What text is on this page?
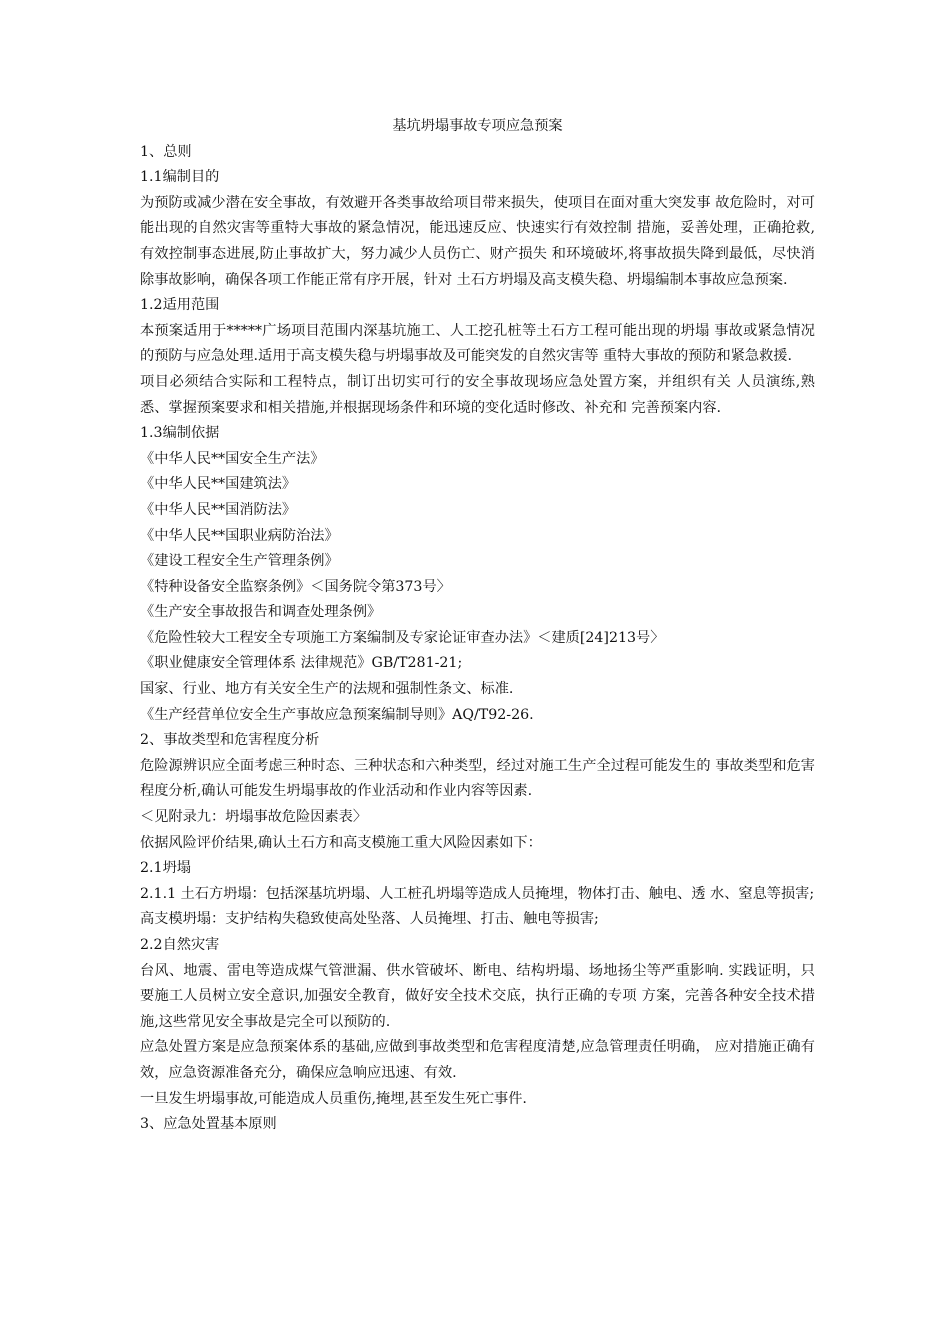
基坑坍塌事故专项应急预案

1、总则

1.1编制目的

为预防或减少潜在安全事故，有效避开各类事故给项目带来损失，使项目在面对重大突发事 故危险时，对可能出现的自然灾害等重特大事故的紧急情况，能迅速反应、快速实行有效控制 措施，妥善处理，正确抢救,有效控制事态进展,防止事故扩大，努力减少人员伤亡、财产损失 和环境破坏,将事故损失降到最低，尽快消除事故影响，确保各项工作能正常有序开展，针对 土石方坍塌及高支模失稳、坍塌编制本事故应急预案.

1.2适用范围

本预案适用于*****广场项目范围内深基坑施工、人工挖孔桩等土石方工程可能出现的坍塌 事故或紧急情况的预防与应急处理.适用于高支模失稳与坍塌事故及可能突发的自然灾害等 重特大事故的预防和紧急救援.

项目必须结合实际和工程特点，制订出切实可行的安全事故现场应急处置方案，并组织有关 人员演练,熟悉、掌握预案要求和相关措施,并根据现场条件和环境的变化适时修改、补充和 完善预案内容.

1.3编制依据

《中华人民**国安全生产法》

《中华人民**国建筑法》

《中华人民**国消防法》

《中华人民**国职业病防治法》

《建设工程安全生产管理条例》

《特种设备安全监察条例》＜国务院令第373号〉

《生产安全事故报告和调查处理条例》

《危险性较大工程安全专项施工方案编制及专家论证审查办法》＜建质[24]213号〉

《职业健康安全管理体系 法律规范》GB/T281-21;

国家、行业、地方有关安全生产的法规和强制性条文、标准.

《生产经营单位安全生产事故应急预案编制导则》AQ/T92-26.

2、事故类型和危害程度分析

危险源辨识应全面考虑三种时态、三种状态和六种类型，经过对施工生产全过程可能发生的 事故类型和危害程度分析,确认可能发生坍塌事故的作业活动和作业内容等因素.

＜见附录九：坍塌事故危险因素表〉

依据风险评价结果,确认土石方和高支模施工重大风险因素如下：

2.1坍塌

2.1.1 土石方坍塌：包括深基坑坍塌、人工桩孔坍塌等造成人员掩埋，物体打击、触电、透 水、窒息等损害;

高支模坍塌：支护结构失稳致使高处坠落、人员掩埋、打击、触电等损害;

2.2自然灾害

台风、地震、雷电等造成煤气管泄漏、供水管破坏、断电、结构坍塌、场地扬尘等严重影响. 实践证明，只要施工人员树立安全意识,加强安全教育，做好安全技术交底，执行正确的专项 方案，完善各种安全技术措施,这些常见安全事故是完全可以预防的.

应急处置方案是应急预案体系的基础,应做到事故类型和危害程度清楚,应急管理责任明确， 应对措施正确有效，应急资源准备充分，确保应急响应迅速、有效.

一旦发生坍塌事故,可能造成人员重伤,掩埋,甚至发生死亡事件.

3、应急处置基本原则
